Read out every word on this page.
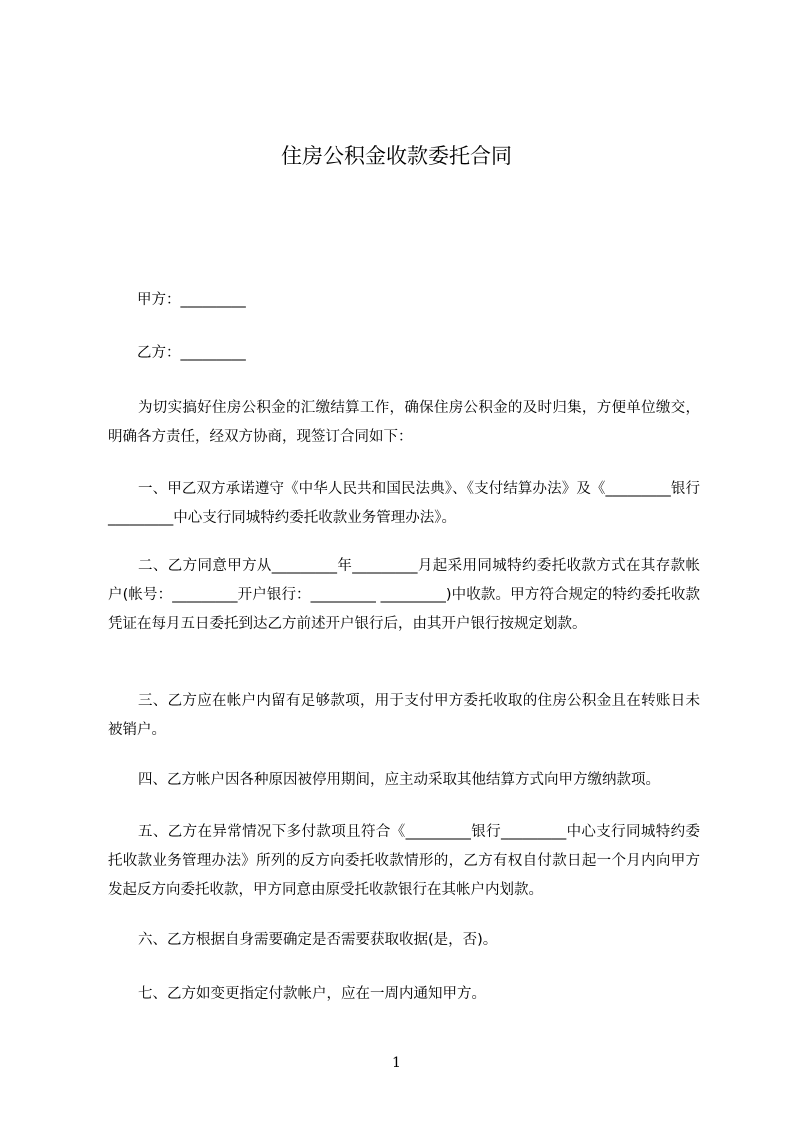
住房公积金收款委托合同
甲方：_________
乙方：_________
为切实搞好住房公积金的汇缴结算工作，确保住房公积金的及时归集，方便单位缴交，明确各方责任，经双方协商，现签订合同如下：
一、甲乙双方承诺遵守《中华人民共和国民法典》、《支付结算办法》及《_________银行_________中心支行同城特约委托收款业务管理办法》。
二、乙方同意甲方从_________年_________月起采用同城特约委托收款方式在其存款帐户(帐号：_________开户银行：_________ _________)中收款。甲方符合规定的特约委托收款凭证在每月五日委托到达乙方前述开户银行后，由其开户银行按规定划款。
三、乙方应在帐户内留有足够款项，用于支付甲方委托收取的住房公积金且在转账日未被销户。
四、乙方帐户因各种原因被停用期间，应主动采取其他结算方式向甲方缴纳款项。
五、乙方在异常情况下多付款项且符合《_________银行_________中心支行同城特约委托收款业务管理办法》所列的反方向委托收款情形的，乙方有权自付款日起一个月内向甲方发起反方向委托收款，甲方同意由原受托收款银行在其帐户内划款。
六、乙方根据自身需要确定是否需要获取收据(是，否)。
七、乙方如变更指定付款帐户，应在一周内通知甲方。
1
